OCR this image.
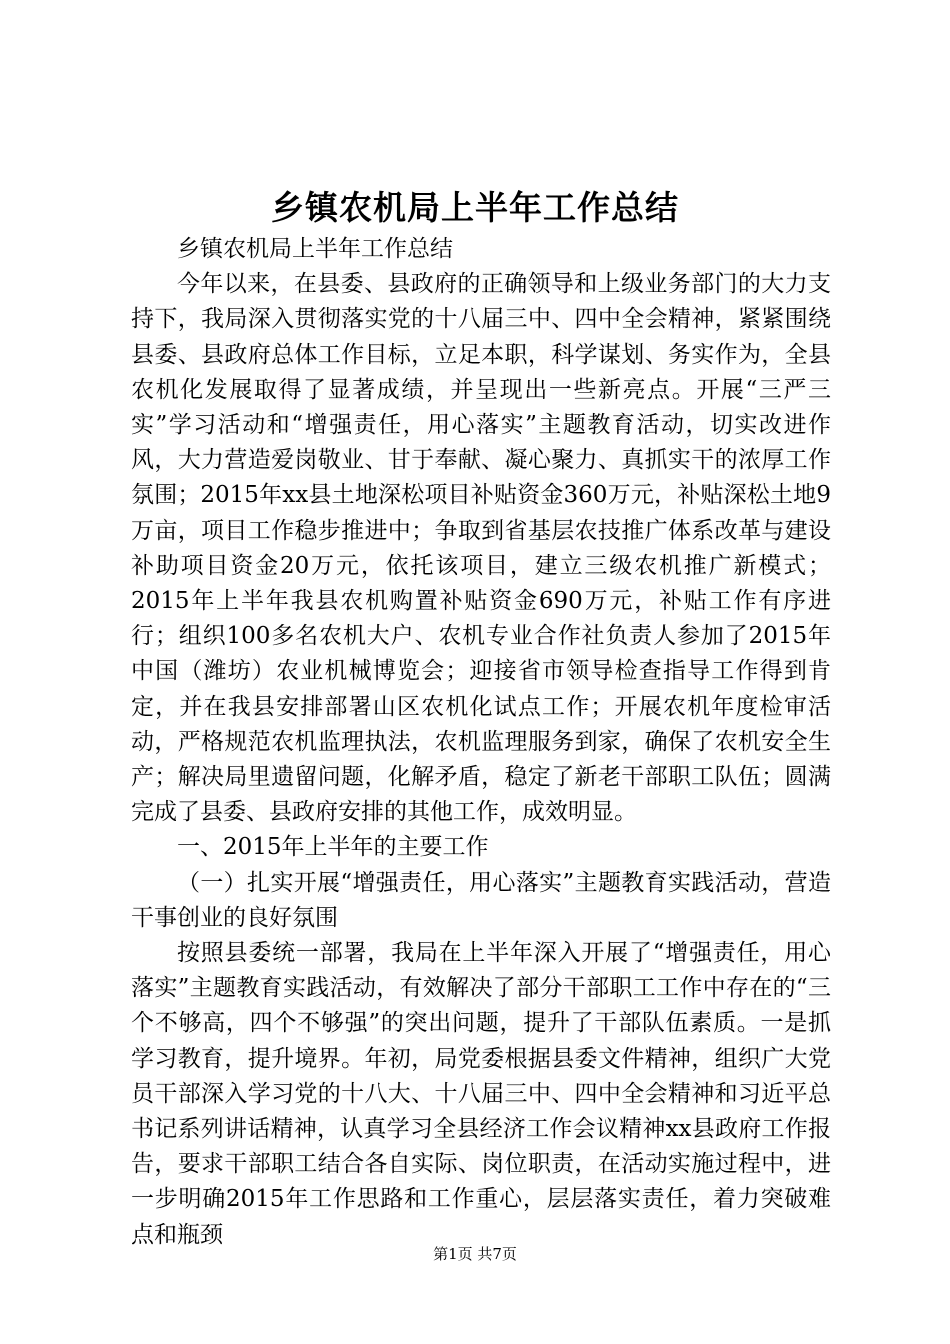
乡镇农机局上半年工作总结

乡镇农机局上半年工作总结

今年以来，在县委、县政府的正确领导和上级业务部门的大力支持下，我局深入贯彻落实党的十八届三中、四中全会精神，紧紧围绕县委、县政府总体工作目标，立足本职，科学谋划、务实作为，全县农机化发展取得了显著成绩，并呈现出一些新亮点。开展“三严三实”学习活动和“增强责任，用心落实”主题教育活动，切实改进作风，大力营造爱岗敬业、甘于奉献、凝心聚力、真抓实干的浓厚工作氛围；2015年xx县土地深松项目补贴资金360万元，补贴深松土地9万亩，项目工作稳步推进中；争取到省基层农技推广体系改革与建设补助项目资金20万元，依托该项目，建立三级农机推广新模式；2015年上半年我县农机购置补贴资金690万元，补贴工作有序进行；组织100多名农机大户、农机专业合作社负责人参加了2015年中国（潍坊）农业机械博览会；迎接省市领导检查指导工作得到肯定，并在我县安排部署山区农机化试点工作；开展农机年度检审活动，严格规范农机监理执法，农机监理服务到家，确保了农机安全生产；解决局里遗留问题，化解矛盾，稳定了新老干部职工队伍；圆满完成了县委、县政府安排的其他工作，成效明显。

一、2015年上半年的主要工作

（一）扎实开展“增强责任，用心落实”主题教育实践活动，营造干事创业的良好氛围

按照县委统一部署，我局在上半年深入开展了“增强责任，用心落实”主题教育实践活动，有效解决了部分干部职工工作中存在的“三个不够高，四个不够强”的突出问题，提升了干部队伍素质。一是抓学习教育，提升境界。年初，局党委根据县委文件精神，组织广大党员干部深入学习党的十八大、十八届三中、四中全会精神和习近平总书记系列讲话精神，认真学习全县经济工作会议精神xx县政府工作报告，要求干部职工结合各自实际、岗位职责，在活动实施过程中，进一步明确2015年工作思路和工作重心，层层落实责任，着力突破难点和瓶颈

第1页 共7页
